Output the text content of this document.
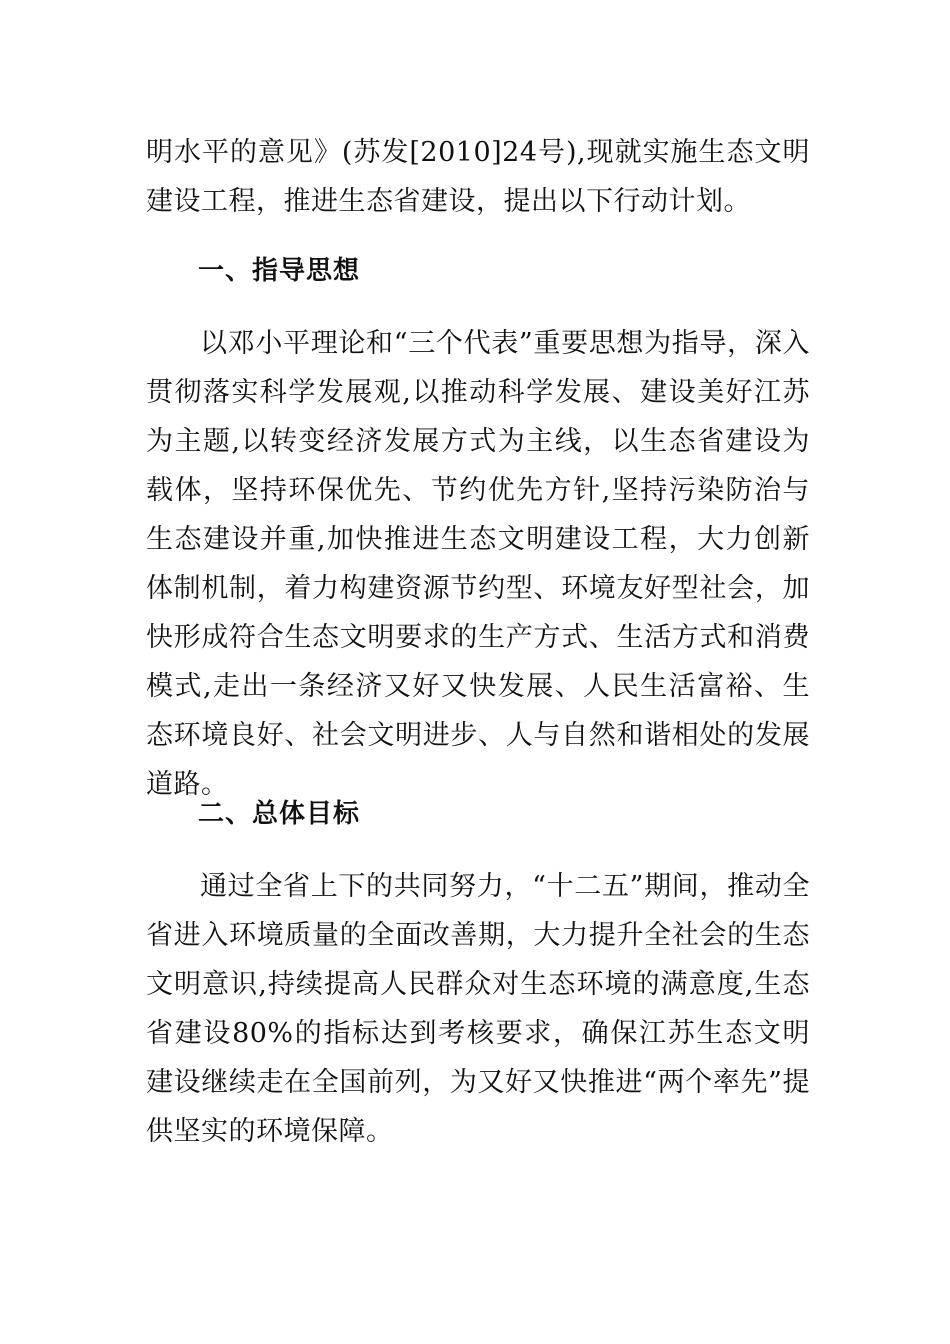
明水平的意见》(苏发[2010]24号),现就实施生态文明建设工程，推进生态省建设，提出以下行动计划。

一、指导思想

以邓小平理论和“三个代表”重要思想为指导，深入贯彻落实科学发展观,以推动科学发展、建设美好江苏为主题,以转变经济发展方式为主线，以生态省建设为载体，坚持环保优先、节约优先方针,坚持污染防治与生态建设并重,加快推进生态文明建设工程，大力创新体制机制，着力构建资源节约型、环境友好型社会，加快形成符合生态文明要求的生产方式、生活方式和消费模式,走出一条经济又好又快发展、人民生活富裕、生态环境良好、社会文明进步、人与自然和谐相处的发展道路。

二、总体目标

通过全省上下的共同努力，“十二五”期间，推动全省进入环境质量的全面改善期，大力提升全社会的生态文明意识,持续提高人民群众对生态环境的满意度,生态省建设80%的指标达到考核要求，确保江苏生态文明建设继续走在全国前列，为又好又快推进“两个率先”提供坚实的环境保障。
